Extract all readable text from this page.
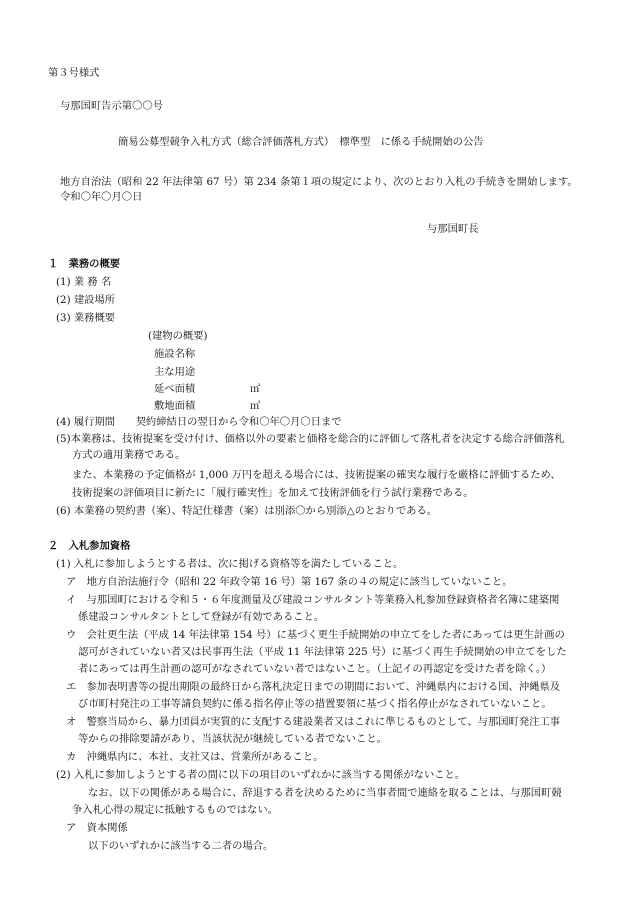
第３号様式
与那国町告示第〇〇号
簡易公募型競争入札方式（総合評価落札方式）　標準型　に係る手続開始の公告
地方自治法（昭和 22 年法律第 67 号）第 234 条第１項の規定により、次のとおり入札の手続きを開始します。
令和〇年〇月〇日
与那国町長
１　業務の概要
(1) 業 務 名
(2) 建設場所
(3) 業務概要
(建物の概要)
施設名称
主な用途
延べ面積	㎡
敷地面積	㎡
(4) 履行期間　　契約締結日の翌日から令和〇年〇月〇日まで
(5)本業務は、技術提案を受け付け、価格以外の要素と価格を総合的に評価して落札者を決定する総合評価落札
方式の適用業務である。
また、本業務の予定価格が 1,000 万円を超える場合には、技術提案の確実な履行を厳格に評価するため、
技術提案の評価項目に新たに「履行確実性」を加えて技術評価を行う試行業務である。
(6) 本業務の契約書（案）、特記仕様書（案）は別添〇から別添△のとおりである。
２　入札参加資格
(1) 入札に参加しようとする者は、次に掲げる資格等を満たしていること。
ア　地方自治法施行令（昭和 22 年政令第 16 号）第 167 条の４の規定に該当していないこと。
イ　与那国町における令和５・６年度測量及び建設コンサルタント等業務入札参加登録資格者名簿に建築関
係建設コンサルタントとして登録が有効であること。
ウ　会社更生法（平成 14 年法律第 154 号）に基づく更生手続開始の申立てをした者にあっては更生計画の
認可がされていない者又は民事再生法（平成 11 年法律第 225 号）に基づく再生手続開始の申立てをした
者にあっては再生計画の認可がなされていない者ではないこと。（上記イの再認定を受けた者を除く。）
エ　参加表明書等の提出期限の最終日から落札決定日までの期間において、沖縄県内における国、沖縄県及
び市町村発注の工事等請負契約に係る指名停止等の措置要領に基づく指名停止がなされていないこと。
オ　警察当局から、暴力団員が実質的に支配する建設業者又はこれに準じるものとして、与那国町発注工事
等からの排除要請があり、当該状況が継続している者でないこと。
カ　沖縄県内に、本社、支社又は、営業所があること。
(2) 入札に参加しようとする者の間に以下の項目のいずれかに該当する関係がないこと。
なお、以下の関係がある場合に、辞退する者を決めるために当事者間で連絡を取ることは、与那国町競
争入札心得の規定に抵触するものではない。
ア　資本関係
以下のいずれかに該当する二者の場合。
